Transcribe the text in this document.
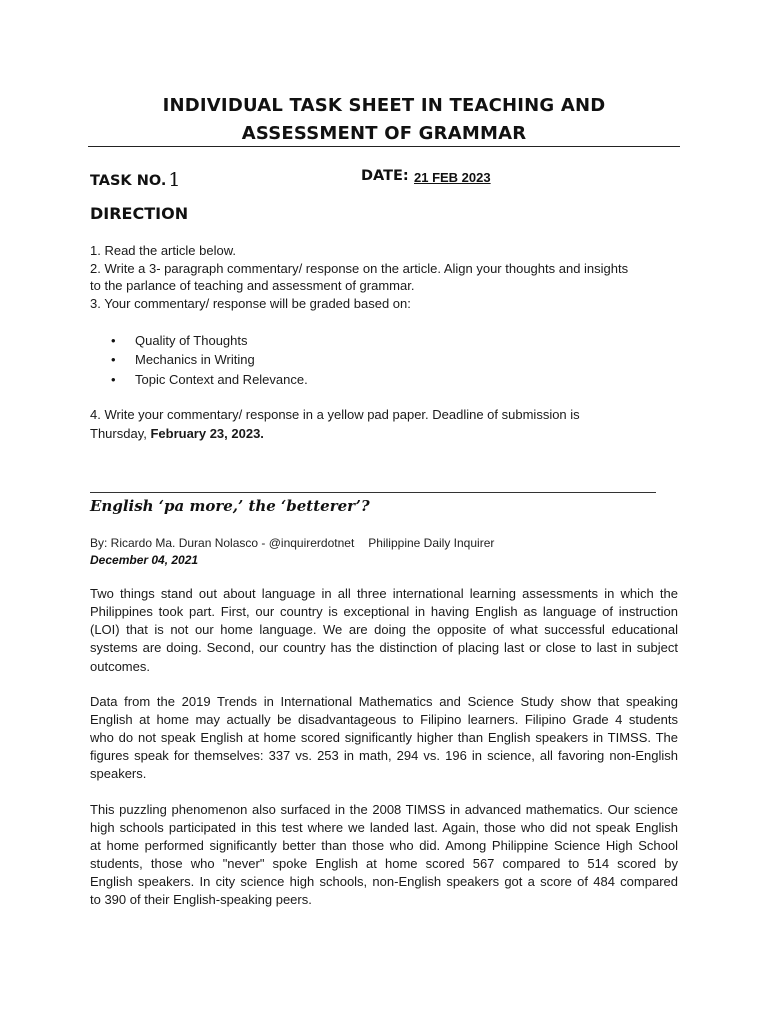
INDIVIDUAL TASK SHEET IN TEACHING AND
ASSESSMENT OF GRAMMAR
TASK NO. 1	DATE: 21 FEB 2023
DIRECTION
1. Read the article below.
2. Write a 3- paragraph commentary/ response on the article. Align your thoughts and insights
to the parlance of teaching and assessment of grammar.
3. Your commentary/ response will be graded based on:
• Quality of Thoughts
• Mechanics in Writing
• Topic Context and Relevance.
4. Write your commentary/ response in a yellow pad paper. Deadline of submission is
Thursday, February 23, 2023.
English ‘pa more,’ the ‘betterer’?
By: Ricardo Ma. Duran Nolasco - @inquirerdotnet Philippine Daily Inquirer
December 04, 2021
Two things stand out about language in all three international learning assessments in which the
Philippines took part. First, our country is exceptional in having English as language of instruction
(LOI) that is not our home language. We are doing the opposite of what successful educational
systems are doing. Second, our country has the distinction of placing last or close to last in subject
outcomes.
Data from the 2019 Trends in International Mathematics and Science Study show that speaking
English at home may actually be disadvantageous to Filipino learners. Filipino Grade 4 students
who do not speak English at home scored significantly higher than English speakers in TIMSS. The
figures speak for themselves: 337 vs. 253 in math, 294 vs. 196 in science, all favoring non-English
speakers.
This puzzling phenomenon also surfaced in the 2008 TIMSS in advanced mathematics. Our science
high schools participated in this test where we landed last. Again, those who did not speak English
at home performed significantly better than those who did. Among Philippine Science High School
students, those who "never" spoke English at home scored 567 compared to 514 scored by
English speakers. In city science high schools, non-English speakers got a score of 484 compared
to 390 of their English-speaking peers.
